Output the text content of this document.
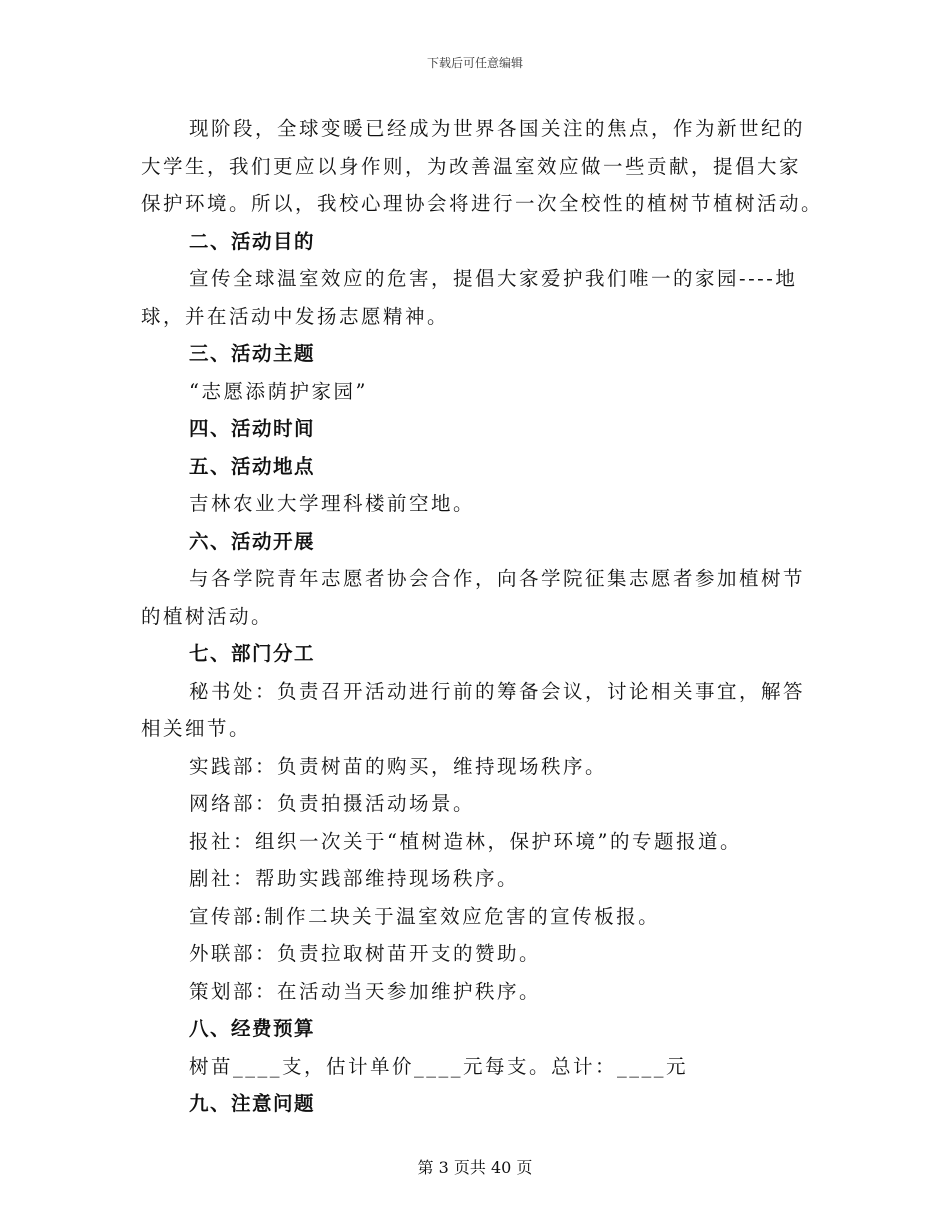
下载后可任意编辑
现阶段，全球变暖已经成为世界各国关注的焦点，作为新世纪的
大学生，我们更应以身作则，为改善温室效应做一些贡献，提倡大家
保护环境。所以，我校心理协会将进行一次全校性的植树节植树活动。
二、活动目的
宣传全球温室效应的危害，提倡大家爱护我们唯一的家园----地
球，并在活动中发扬志愿精神。
三、活动主题
“志愿添荫护家园”
四、活动时间
五、活动地点
吉林农业大学理科楼前空地。
六、活动开展
与各学院青年志愿者协会合作，向各学院征集志愿者参加植树节
的植树活动。
七、部门分工
秘书处：负责召开活动进行前的筹备会议，讨论相关事宜，解答
相关细节。
实践部：负责树苗的购买，维持现场秩序。
网络部：负责拍摄活动场景。
报社：组织一次关于“植树造林，保护环境”的专题报道。
剧社：帮助实践部维持现场秩序。
宣传部:制作二块关于温室效应危害的宣传板报。
外联部：负责拉取树苗开支的赞助。
策划部：在活动当天参加维护秩序。
八、经费预算
树苗____支，估计单价____元每支。总计：____元
九、注意问题
第 3 页共 40 页
